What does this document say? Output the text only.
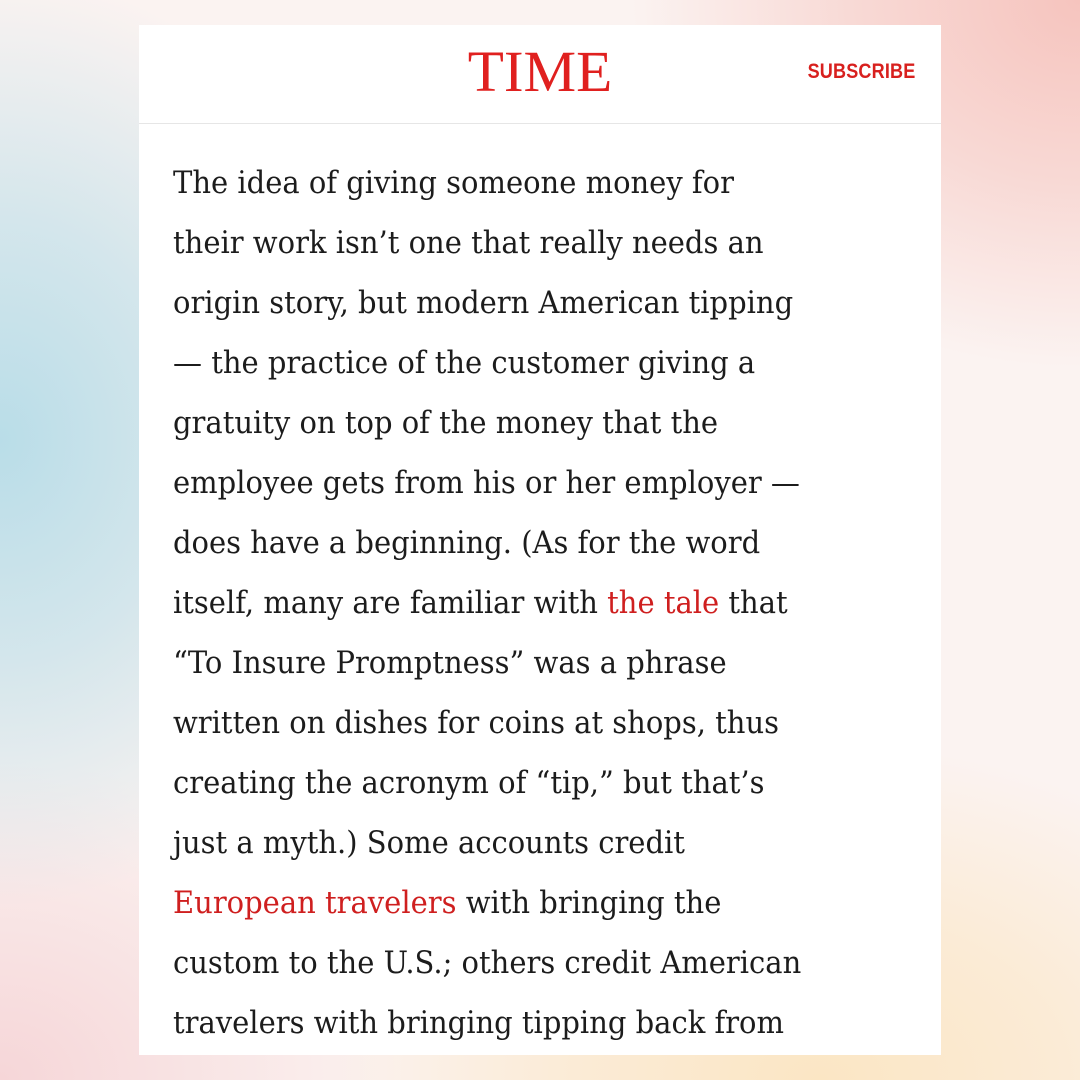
TIME	SUBSCRIBE

The idea of giving someone money for
their work isn’t one that really needs an
origin story, but modern American tipping
— the practice of the customer giving a
gratuity on top of the money that the
employee gets from his or her employer —
does have a beginning. (As for the word
itself, many are familiar with the tale that
“To Insure Promptness” was a phrase
written on dishes for coins at shops, thus
creating the acronym of “tip,” but that’s
just a myth.) Some accounts credit
European travelers with bringing the
custom to the U.S.; others credit American
travelers with bringing tipping back from
